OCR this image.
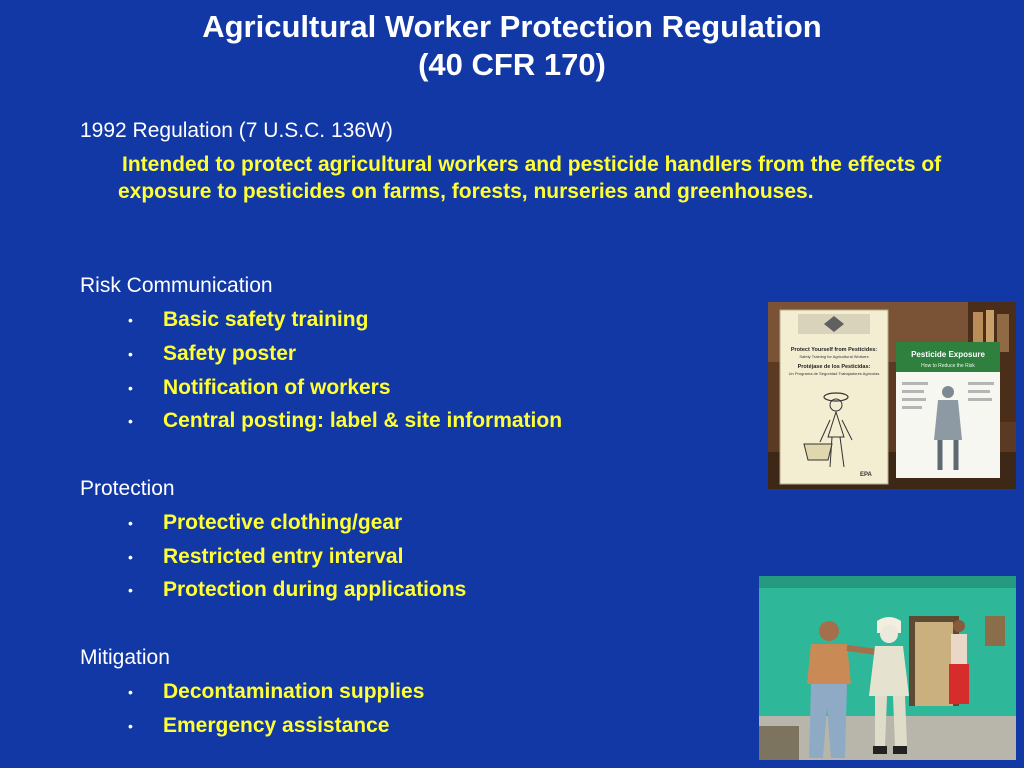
Agricultural Worker Protection Regulation
(40 CFR 170)
1992 Regulation (7 U.S.C. 136W)
Intended to protect agricultural workers and pesticide handlers from the effects of exposure to pesticides on farms, forests, nurseries and greenhouses.
Risk Communication
• Basic safety training
• Safety poster
• Notification of workers
• Central posting: label & site information
Protection
• Protective clothing/gear
• Restricted entry interval
• Protection during applications
Mitigation
• Decontamination supplies
• Emergency assistance
Protect Yourself from Pesticides:
Safety Training for Agricultural Workers
Protéjase de los Pesticidas:
Un Programa de Seguridad Trabajadores Agrícolas
EPA
Pesticide Exposure
How to Reduce the Risk
